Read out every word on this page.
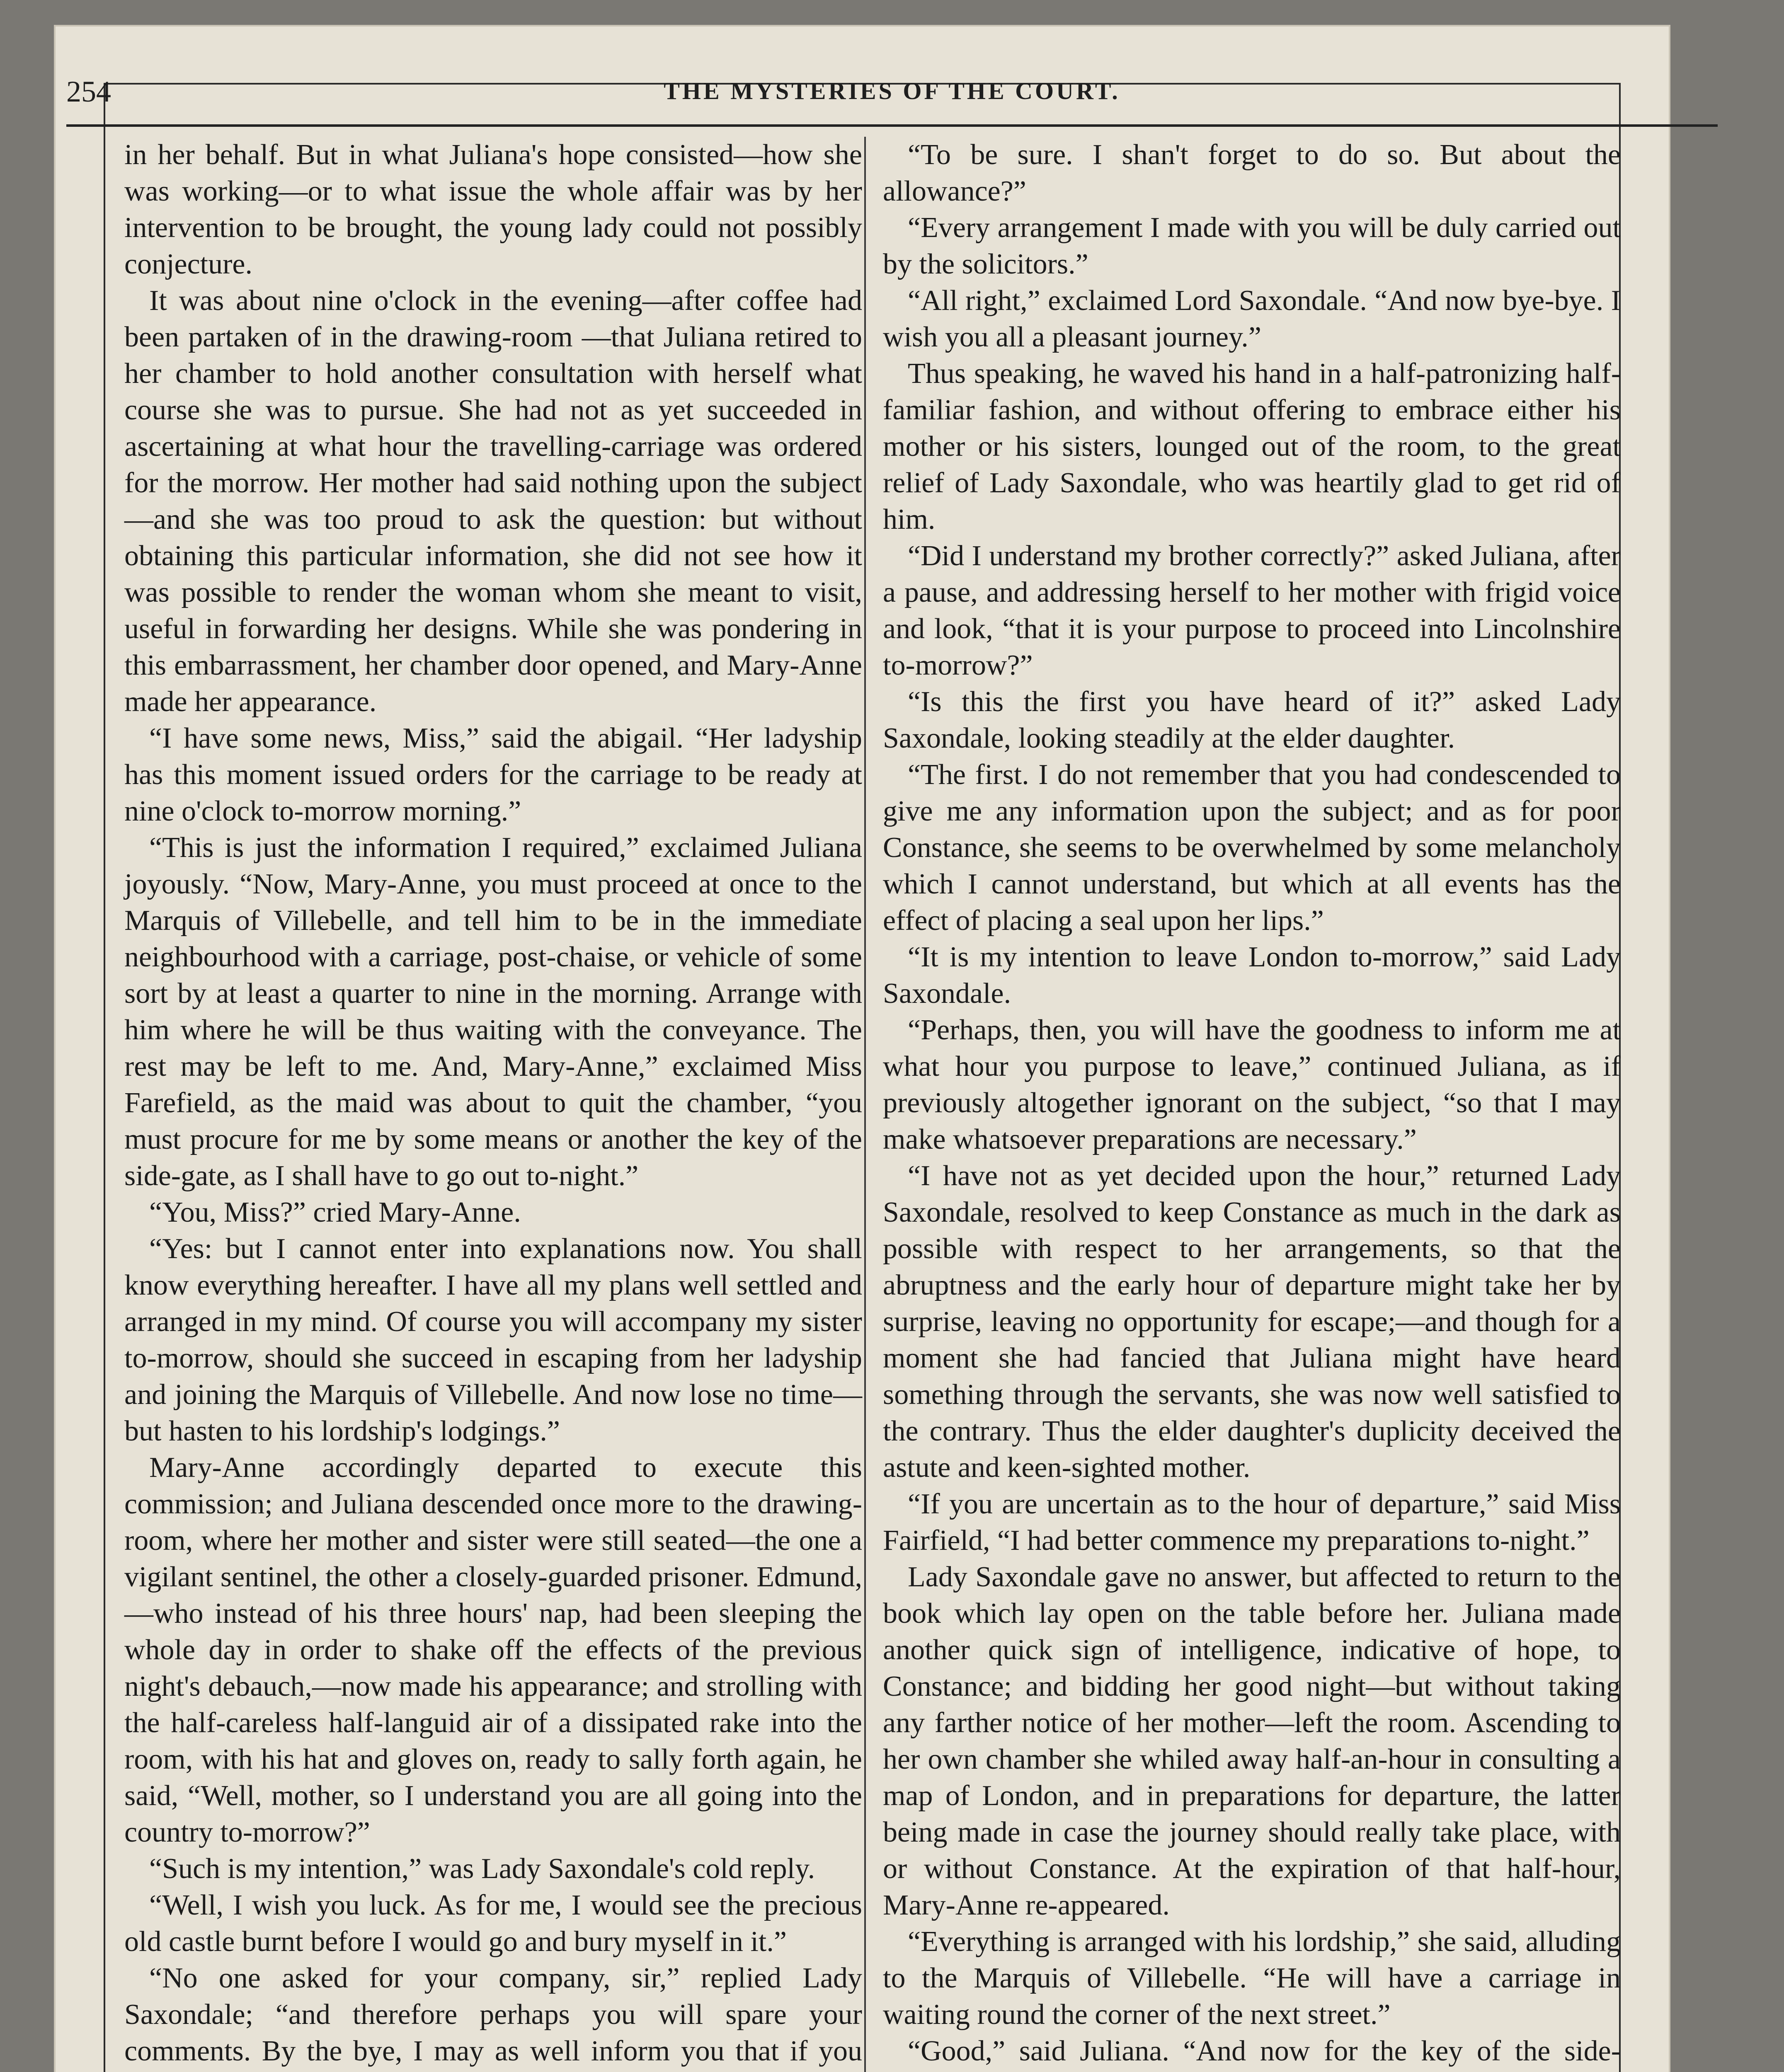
254	THE MYSTERIES OF THE COURT.

in her behalf. But in what Juliana's hope consisted—how she was working—or to what issue the whole affair was by her intervention to be brought, the young lady could not possibly conjecture.

It was about nine o'clock in the evening—after coffee had been partaken of in the drawing-room —that Juliana retired to her chamber to hold another consultation with herself what course she was to pursue. She had not as yet succeeded in ascertaining at what hour the travelling-carriage was ordered for the morrow. Her mother had said nothing upon the subject—and she was too proud to ask the question: but without obtaining this particular information, she did not see how it was possible to render the woman whom she meant to visit, useful in forwarding her designs. While she was pondering in this embarrassment, her chamber door opened, and Mary-Anne made her appearance.

“I have some news, Miss,” said the abigail. “Her ladyship has this moment issued orders for the carriage to be ready at nine o'clock to-morrow morning.”

“This is just the information I required,” exclaimed Juliana joyously. “Now, Mary-Anne, you must proceed at once to the Marquis of Villebelle, and tell him to be in the immediate neighbourhood with a carriage, post-chaise, or vehicle of some sort by at least a quarter to nine in the morning. Arrange with him where he will be thus waiting with the conveyance. The rest may be left to me. And, Mary-Anne,” exclaimed Miss Farefield, as the maid was about to quit the chamber, “you must procure for me by some means or another the key of the side-gate, as I shall have to go out to-night.”

“You, Miss?” cried Mary-Anne.

“Yes: but I cannot enter into explanations now. You shall know everything hereafter. I have all my plans well settled and arranged in my mind. Of course you will accompany my sister to-morrow, should she succeed in escaping from her ladyship and joining the Marquis of Villebelle. And now lose no time—but hasten to his lordship's lodgings.”

Mary-Anne accordingly departed to execute this commission; and Juliana descended once more to the drawing-room, where her mother and sister were still seated—the one a vigilant sentinel, the other a closely-guarded prisoner. Edmund,—who instead of his three hours' nap, had been sleeping the whole day in order to shake off the effects of the previous night's debauch,—now made his appearance; and strolling with the half-careless half-languid air of a dissipated rake into the room, with his hat and gloves on, ready to sally forth again, he said, “Well, mother, so I understand you are all going into the country to-morrow?”

“Such is my intention,” was Lady Saxondale's cold reply.

“Well, I wish you luck. As for me, I would see the precious old castle burnt before I would go and bury myself in it.”

“No one asked for your company, sir,” replied Lady Saxondale; “and therefore perhaps you will spare your comments. By the bye, I may as well inform you that if you

“To be sure. I shan't forget to do so. But about the allowance?”

“Every arrangement I made with you will be duly carried out by the solicitors.”

“All right,” exclaimed Lord Saxondale. “And now bye-bye. I wish you all a pleasant journey.”

Thus speaking, he waved his hand in a half-patronizing half-familiar fashion, and without offering to embrace either his mother or his sisters, lounged out of the room, to the great relief of Lady Saxondale, who was heartily glad to get rid of him.

“Did I understand my brother correctly?” asked Juliana, after a pause, and addressing herself to her mother with frigid voice and look, “that it is your purpose to proceed into Lincolnshire to-morrow?”

“Is this the first you have heard of it?” asked Lady Saxondale, looking steadily at the elder daughter.

“The first. I do not remember that you had condescended to give me any information upon the subject; and as for poor Constance, she seems to be overwhelmed by some melancholy which I cannot understand, but which at all events has the effect of placing a seal upon her lips.”

“It is my intention to leave London to-morrow,” said Lady Saxondale.

“Perhaps, then, you will have the goodness to inform me at what hour you purpose to leave,” continued Juliana, as if previously altogether ignorant on the subject, “so that I may make whatsoever preparations are necessary.”

“I have not as yet decided upon the hour,” returned Lady Saxondale, resolved to keep Constance as much in the dark as possible with respect to her arrangements, so that the abruptness and the early hour of departure might take her by surprise, leaving no opportunity for escape;—and though for a moment she had fancied that Juliana might have heard something through the servants, she was now well satisfied to the contrary. Thus the elder daughter's duplicity deceived the astute and keen-sighted mother.

“If you are uncertain as to the hour of departure,” said Miss Fairfield, “I had better commence my preparations to-night.”

Lady Saxondale gave no answer, but affected to return to the book which lay open on the table before her. Juliana made another quick sign of intelligence, indicative of hope, to Constance; and bidding her good night—but without taking any farther notice of her mother—left the room. Ascending to her own chamber she whiled away half-an-hour in consulting a map of London, and in preparations for departure, the latter being made in case the journey should really take place, with or without Constance. At the expiration of that half-hour, Mary-Anne re-appeared.

“Everything is arranged with his lordship,” she said, alluding to the Marquis of Villebelle. “He will have a carriage in waiting round the corner of the next street.”

“Good,” said Juliana. “And now for the key of the side-
